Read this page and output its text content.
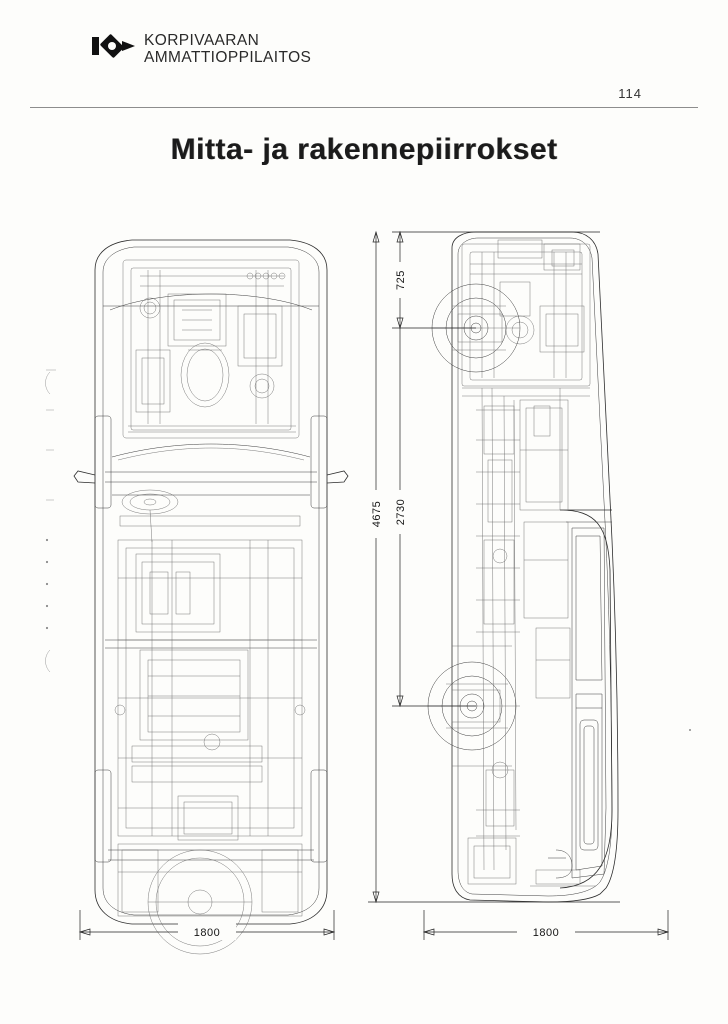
KORPIVAARAN
AMMATTIOPPILAITOS
114
Mitta- ja rakennepiirrokset
1800
725
2730
4675
1800
